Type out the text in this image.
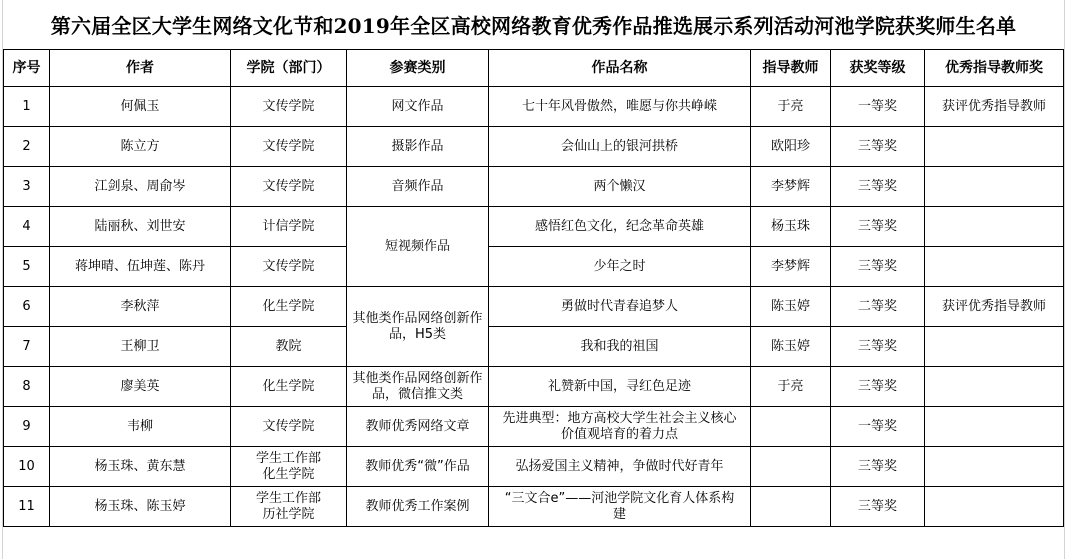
第六届全区大学生网络文化节和2019年全区高校网络教育优秀作品推选展示系列活动河池学院获奖师生名单
序号	作者	学院（部门）	参赛类别	作品名称	指导教师	获奖等级	优秀指导教师奖
1	何佩玉	文传学院	网文作品	七十年风骨傲然，唯愿与你共峥嵘	于亮	一等奖	获评优秀指导教师
2	陈立方	文传学院	摄影作品	会仙山上的银河拱桥	欧阳珍	三等奖	
3	江剑泉、周俞岑	文传学院	音频作品	两个懒汉	李梦辉	三等奖	
4	陆丽秋、刘世安	计信学院	短视频作品	感悟红色文化，纪念革命英雄	杨玉珠	三等奖	
5	蒋坤晴、伍坤莲、陈丹	文传学院		少年之时	李梦辉	三等奖	
6	李秋萍	化生学院	其他类作品网络创新作品，H5类	勇做时代青春追梦人	陈玉婷	二等奖	获评优秀指导教师
7	王柳卫	教院		我和我的祖国	陈玉婷	三等奖	
8	廖美英	化生学院	其他类作品网络创新作品，微信推文类	礼赞新中国，寻红色足迹	于亮	三等奖	
9	韦柳	文传学院	教师优秀网络文章	先进典型：地方高校大学生社会主义核心价值观培育的着力点		一等奖	
10	杨玉珠、黄东慧	学生工作部化生学院	教师优秀“微”作品	弘扬爱国主义精神，争做时代好青年		三等奖	
11	杨玉珠、陈玉婷	学生工作部历社学院	教师优秀工作案例	“三文合e”——河池学院文化育人体系构建		三等奖	
